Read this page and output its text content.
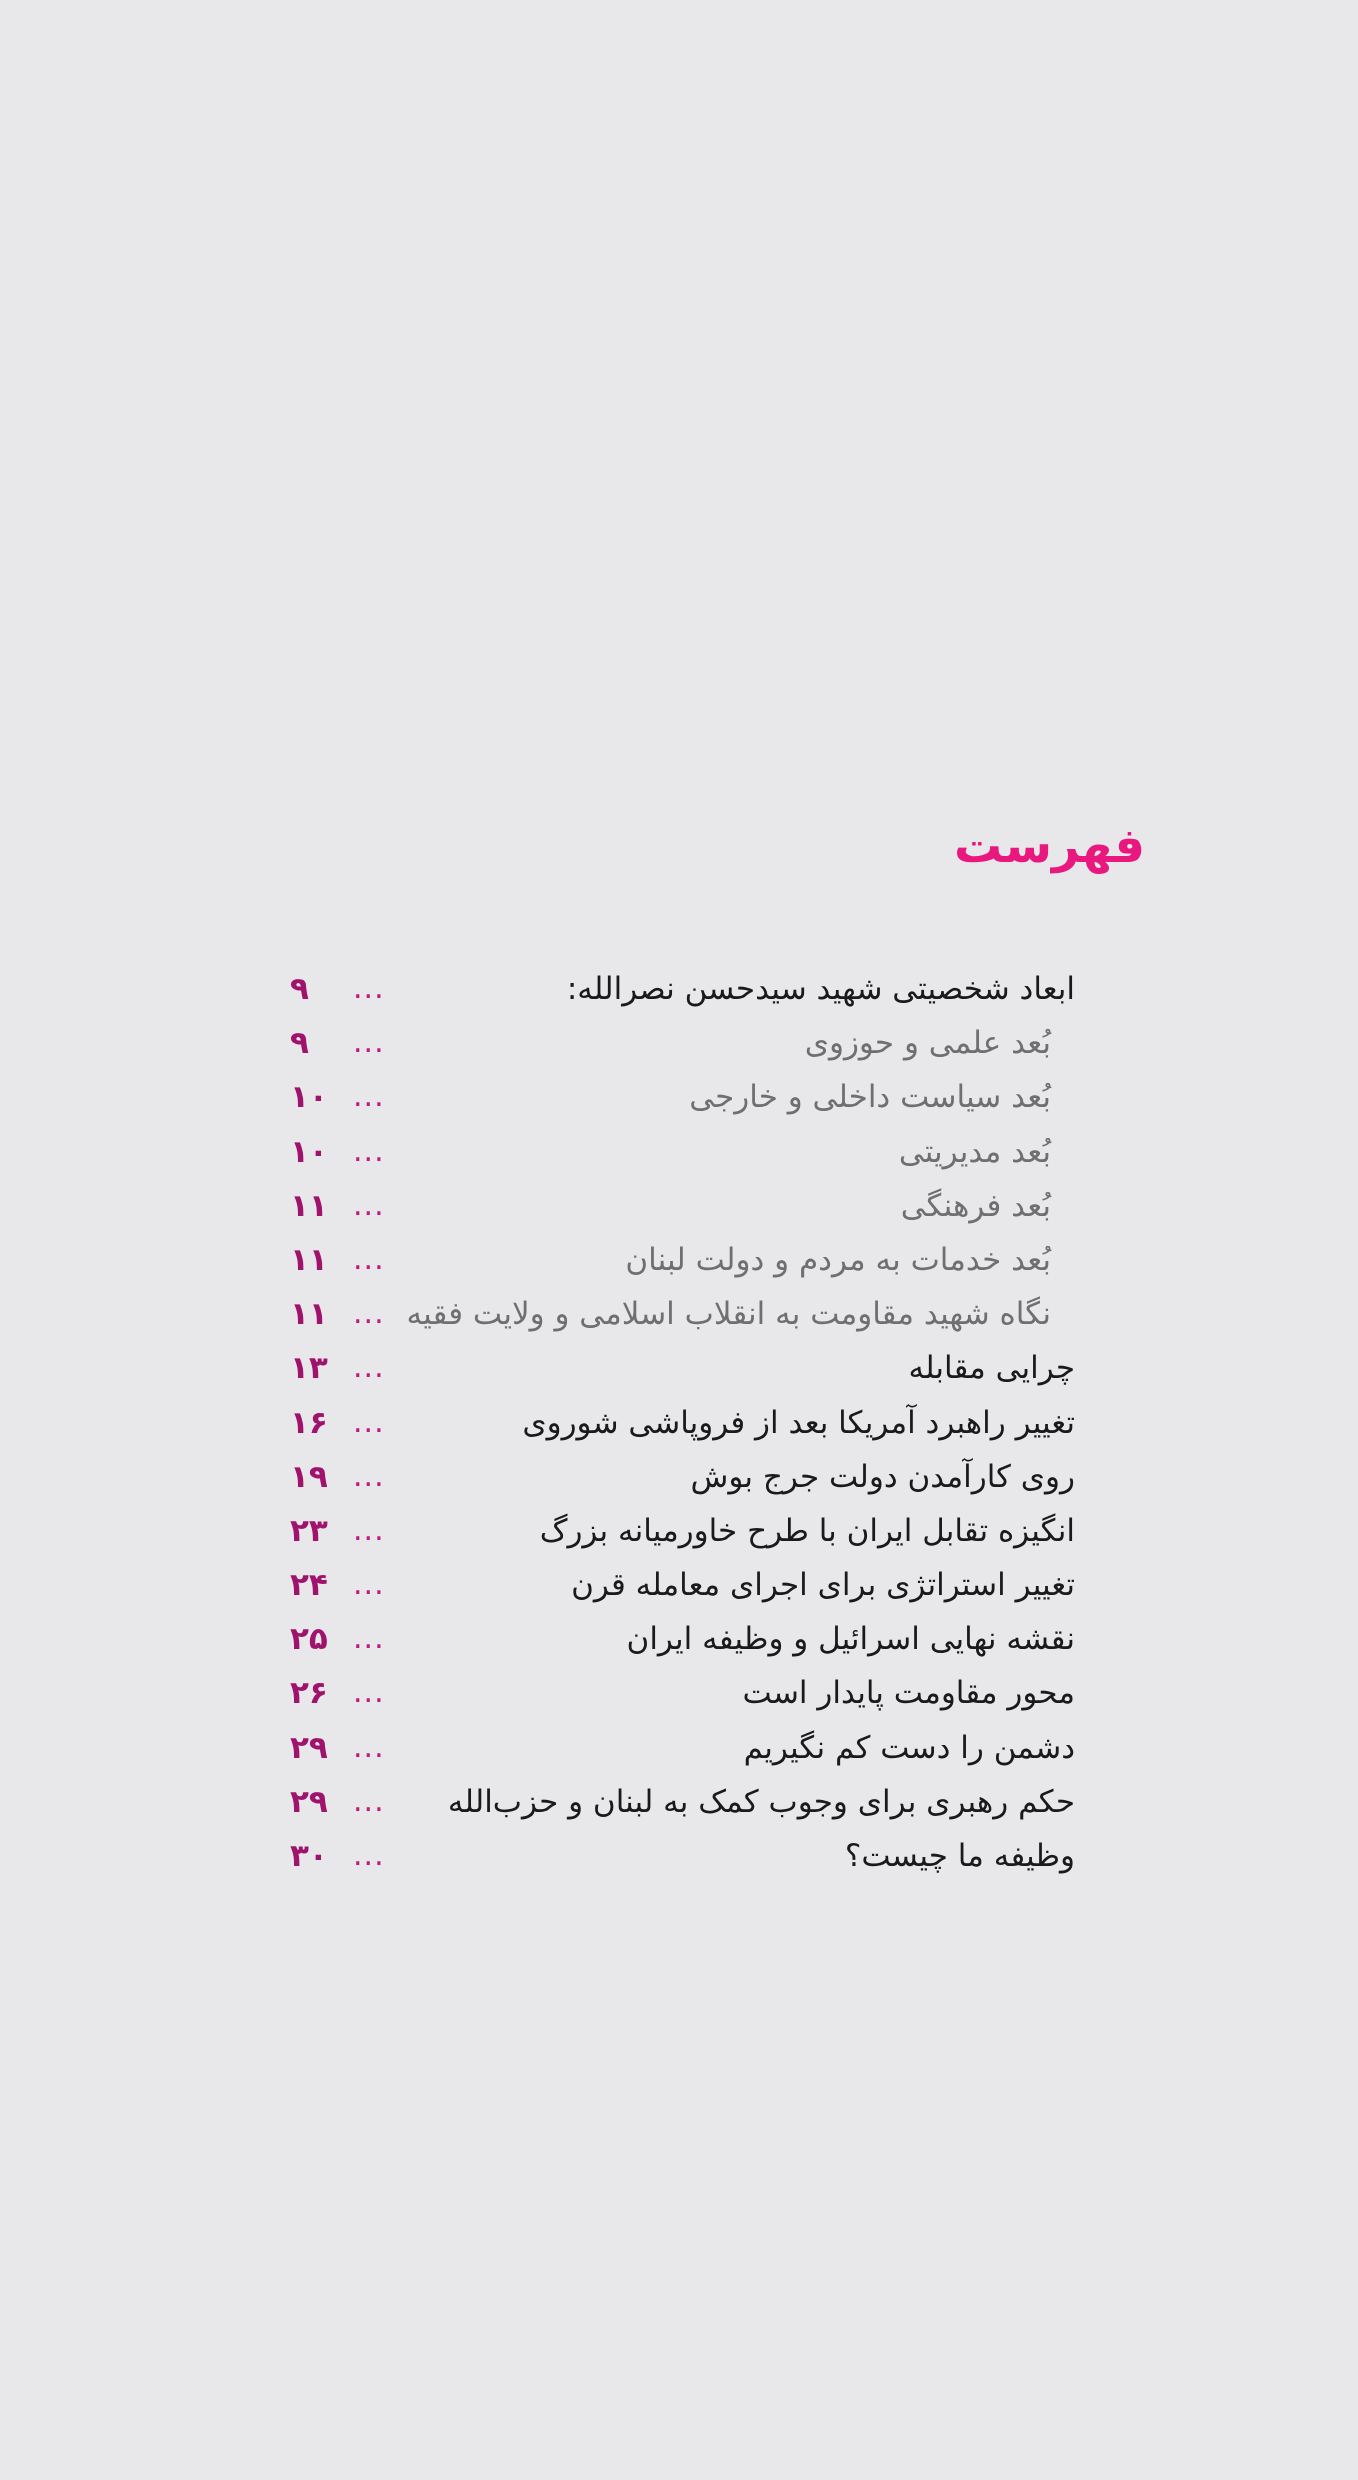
فهرست
ابعاد شخصیتی شهید سیدحسن نصرالله:
...
۹
بُعد علمی و حوزوی
...
۹
بُعد سیاست داخلی و خارجی
...
۱۰
بُعد مدیریتی
...
۱۰
بُعد فرهنگی
...
۱۱
بُعد خدمات به مردم و دولت لبنان
...
۱۱
نگاه شهید مقاومت به انقلاب اسلامی و ولایت فقیه
...
۱۱
چرایی مقابله
...
۱۳
تغییر راهبرد آمریکا بعد از فروپاشی شوروی
...
۱۶
روی کارآمدن دولت جرج بوش
...
۱۹
انگیزه تقابل ایران با طرح خاورمیانه بزرگ
...
۲۳
تغییر استراتژی برای اجرای معامله قرن
...
۲۴
نقشه نهایی اسرائیل و وظیفه ایران
...
۲۵
محور مقاومت پایدار است
...
۲۶
دشمن را دست کم نگیریم
...
۲۹
حکم رهبری برای وجوب کمک به لبنان و حزب‌الله
...
۲۹
وظیفه ما چیست؟
...
۳۰
